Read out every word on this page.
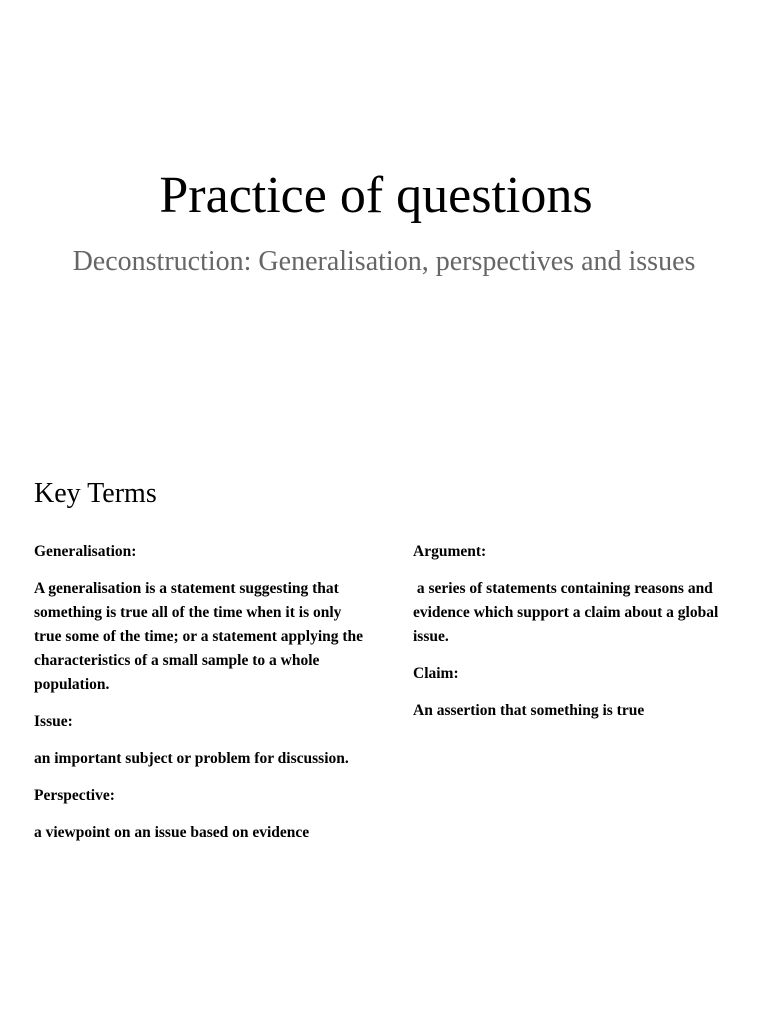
Practice of questions
Deconstruction: Generalisation, perspectives and issues
Key Terms

Generalisation:

A generalisation is a statement suggesting that something is true all of the time when it is only true some of the time; or a statement applying the characteristics of a small sample to a whole population.

Issue:

an important subject or problem for discussion.

Perspective:

a viewpoint on an issue based on evidence

Argument:

a series of statements containing reasons and evidence which support a claim about a global issue.

Claim:

An assertion that something is true
